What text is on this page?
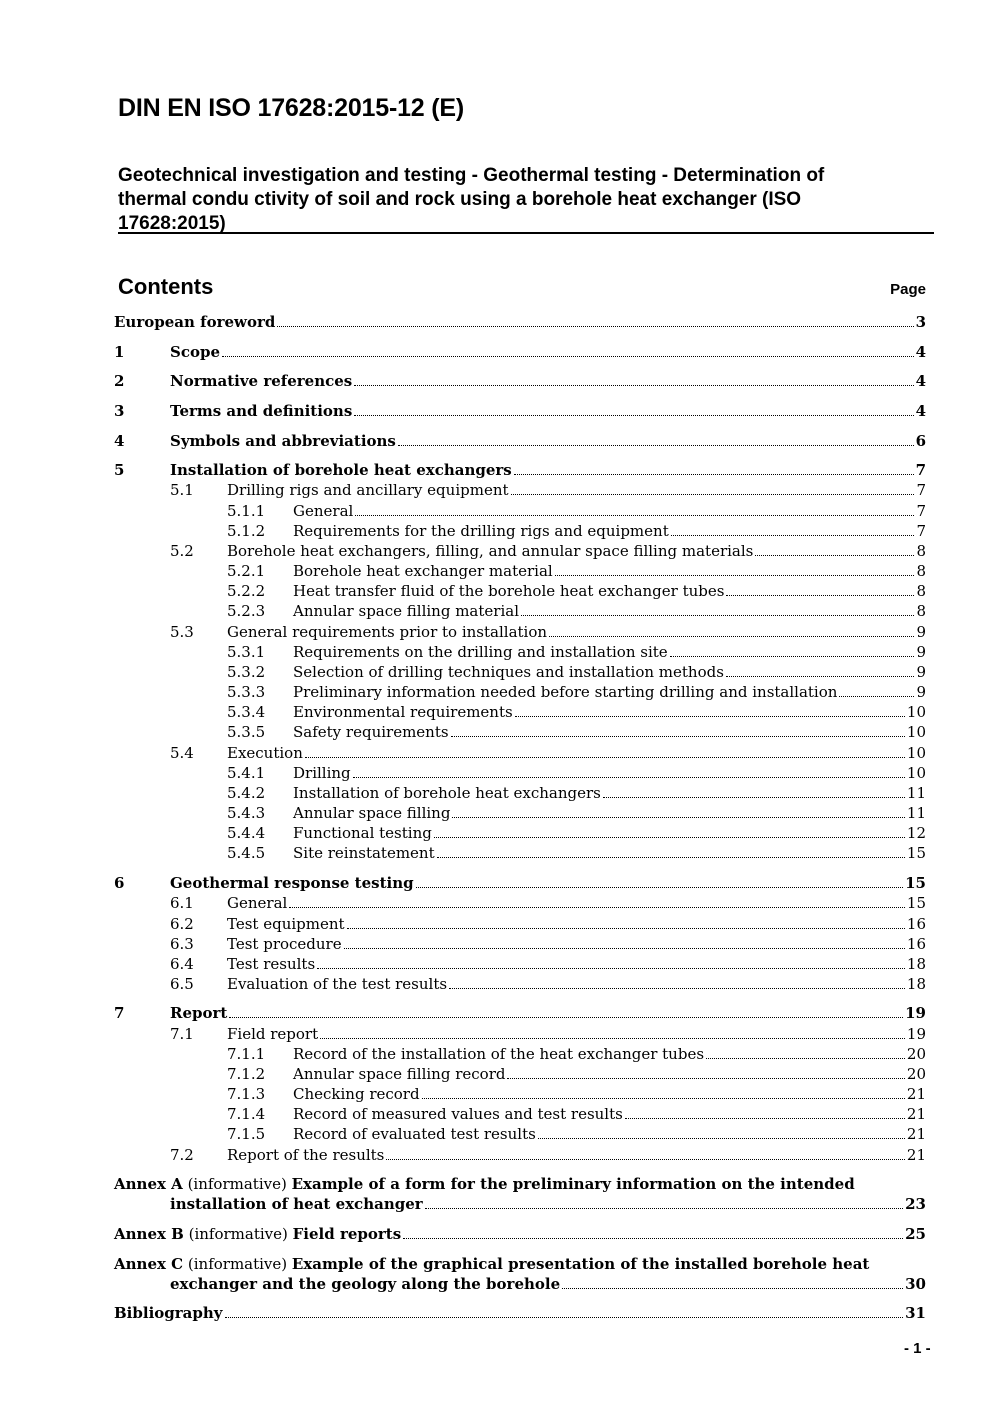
DIN EN ISO 17628:2015-12 (E)
Geotechnical investigation and testing - Geothermal testing - Determination of
thermal condu ctivity of soil and rock using a borehole heat exchanger (ISO
17628:2015)
Contents	Page
European foreword	3
1	Scope	4
2	Normative references	4
3	Terms and definitions	4
4	Symbols and abbreviations	6
5	Installation of borehole heat exchangers	7
5.1	Drilling rigs and ancillary equipment	7
5.1.1	General	7
5.1.2	Requirements for the drilling rigs and equipment	7
5.2	Borehole heat exchangers, filling, and annular space filling materials	8
5.2.1	Borehole heat exchanger material	8
5.2.2	Heat transfer fluid of the borehole heat exchanger tubes	8
5.2.3	Annular space filling material	8
5.3	General requirements prior to installation	9
5.3.1	Requirements on the drilling and installation site	9
5.3.2	Selection of drilling techniques and installation methods	9
5.3.3	Preliminary information needed before starting drilling and installation	9
5.3.4	Environmental requirements	10
5.3.5	Safety requirements	10
5.4	Execution	10
5.4.1	Drilling	10
5.4.2	Installation of borehole heat exchangers	11
5.4.3	Annular space filling	11
5.4.4	Functional testing	12
5.4.5	Site reinstatement	15
6	Geothermal response testing	15
6.1	General	15
6.2	Test equipment	16
6.3	Test procedure	16
6.4	Test results	18
6.5	Evaluation of the test results	18
7	Report	19
7.1	Field report	19
7.1.1	Record of the installation of the heat exchanger tubes	20
7.1.2	Annular space filling record	20
7.1.3	Checking record	21
7.1.4	Record of measured values and test results	21
7.1.5	Record of evaluated test results	21
7.2	Report of the results	21
Annex A (informative) Example of a form for the preliminary information on the intended
installation of heat exchanger	23
Annex B (informative) Field reports	25
Annex C (informative) Example of the graphical presentation of the installed borehole heat
exchanger and the geology along the borehole	30
Bibliography	31
- 1 -
